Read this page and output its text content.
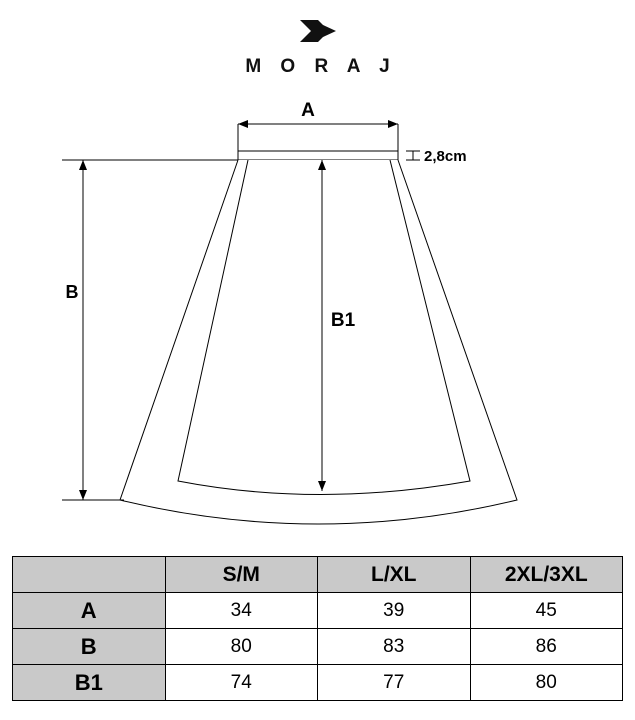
M O R A J
A
B
B1
2,8cm
	S/M	L/XL	2XL/3XL
A	34	39	45
B	80	83	86
B1	74	77	80
